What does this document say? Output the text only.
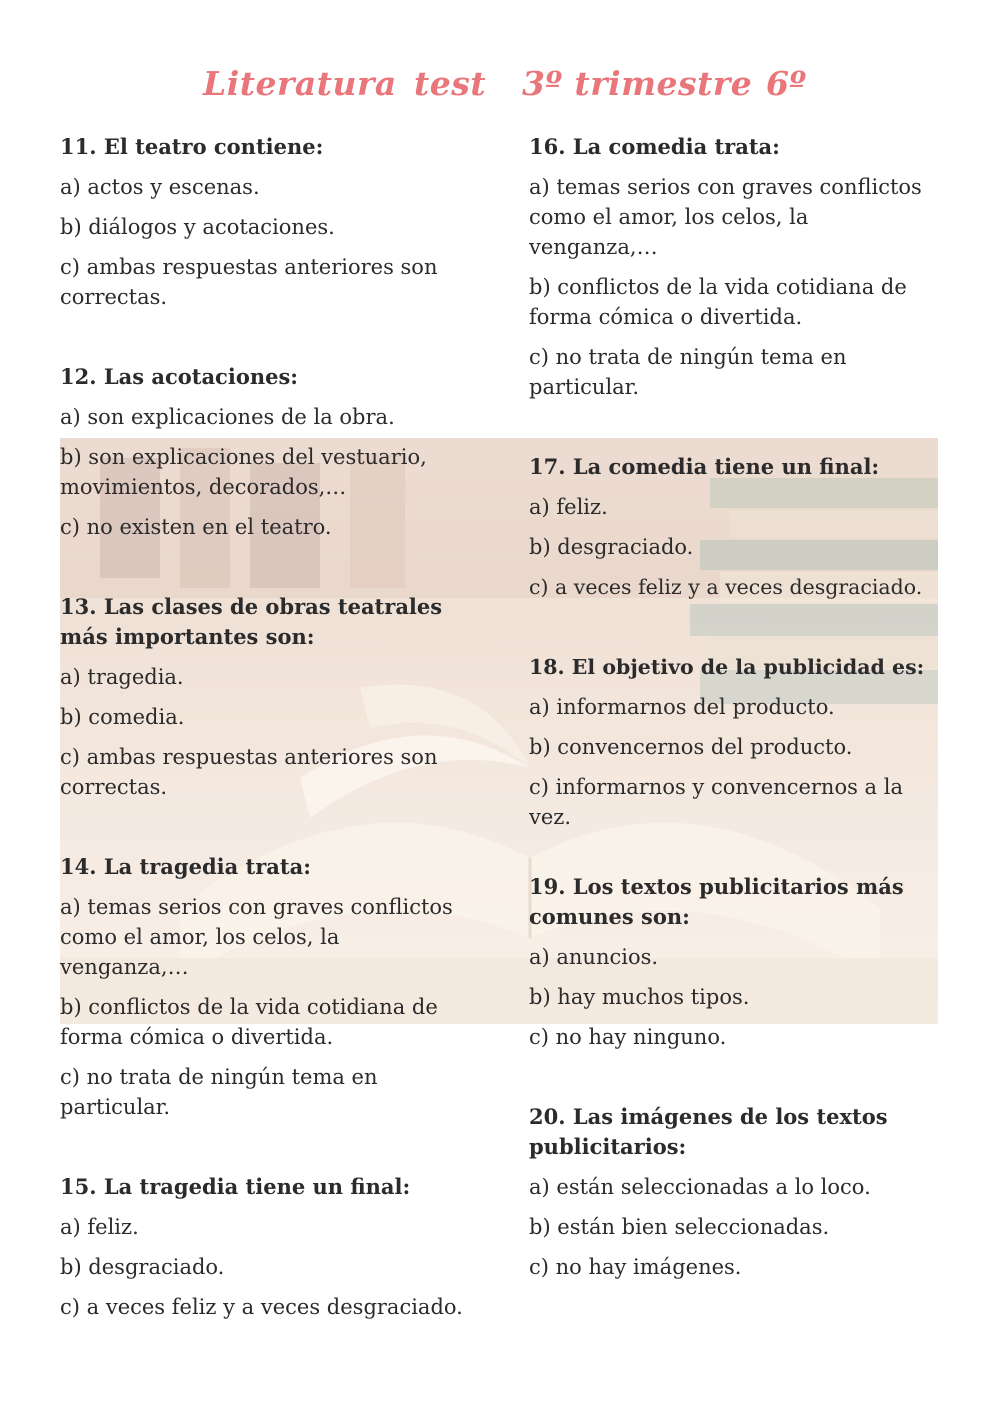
Literatura test 3º trimestre 6º

11. El teatro contiene:

a) actos y escenas.

b) diálogos y acotaciones.

c) ambas respuestas anteriores son correctas.

12. Las acotaciones:

a) son explicaciones de la obra.

b) son explicaciones del vestuario, movimientos, decorados,…

c) no existen en el teatro.

13. Las clases de obras teatrales más importantes son:

a) tragedia.

b) comedia.

c) ambas respuestas anteriores son correctas.

14. La tragedia trata:

a) temas serios con graves conflictos como el amor, los celos, la venganza,…

b) conflictos de la vida cotidiana de forma cómica o divertida.

c) no trata de ningún tema en particular.

15. La tragedia tiene un final:

a) feliz.

b) desgraciado.

c) a veces feliz y a veces desgraciado.

16. La comedia trata:

a) temas serios con graves conflictos como el amor, los celos, la venganza,…

b) conflictos de la vida cotidiana de forma cómica o divertida.

c) no trata de ningún tema en particular.

17. La comedia tiene un final:

a) feliz.

b) desgraciado.

c) a veces feliz y a veces desgraciado.

18. El objetivo de la publicidad es:

a) informarnos del producto.

b) convencernos del producto.

c) informarnos y convencernos a la vez.

19. Los textos publicitarios más comunes son:

a) anuncios.

b) hay muchos tipos.

c) no hay ninguno.

20. Las imágenes de los textos publicitarios:

a) están seleccionadas a lo loco.

b) están bien seleccionadas.

c) no hay imágenes.
